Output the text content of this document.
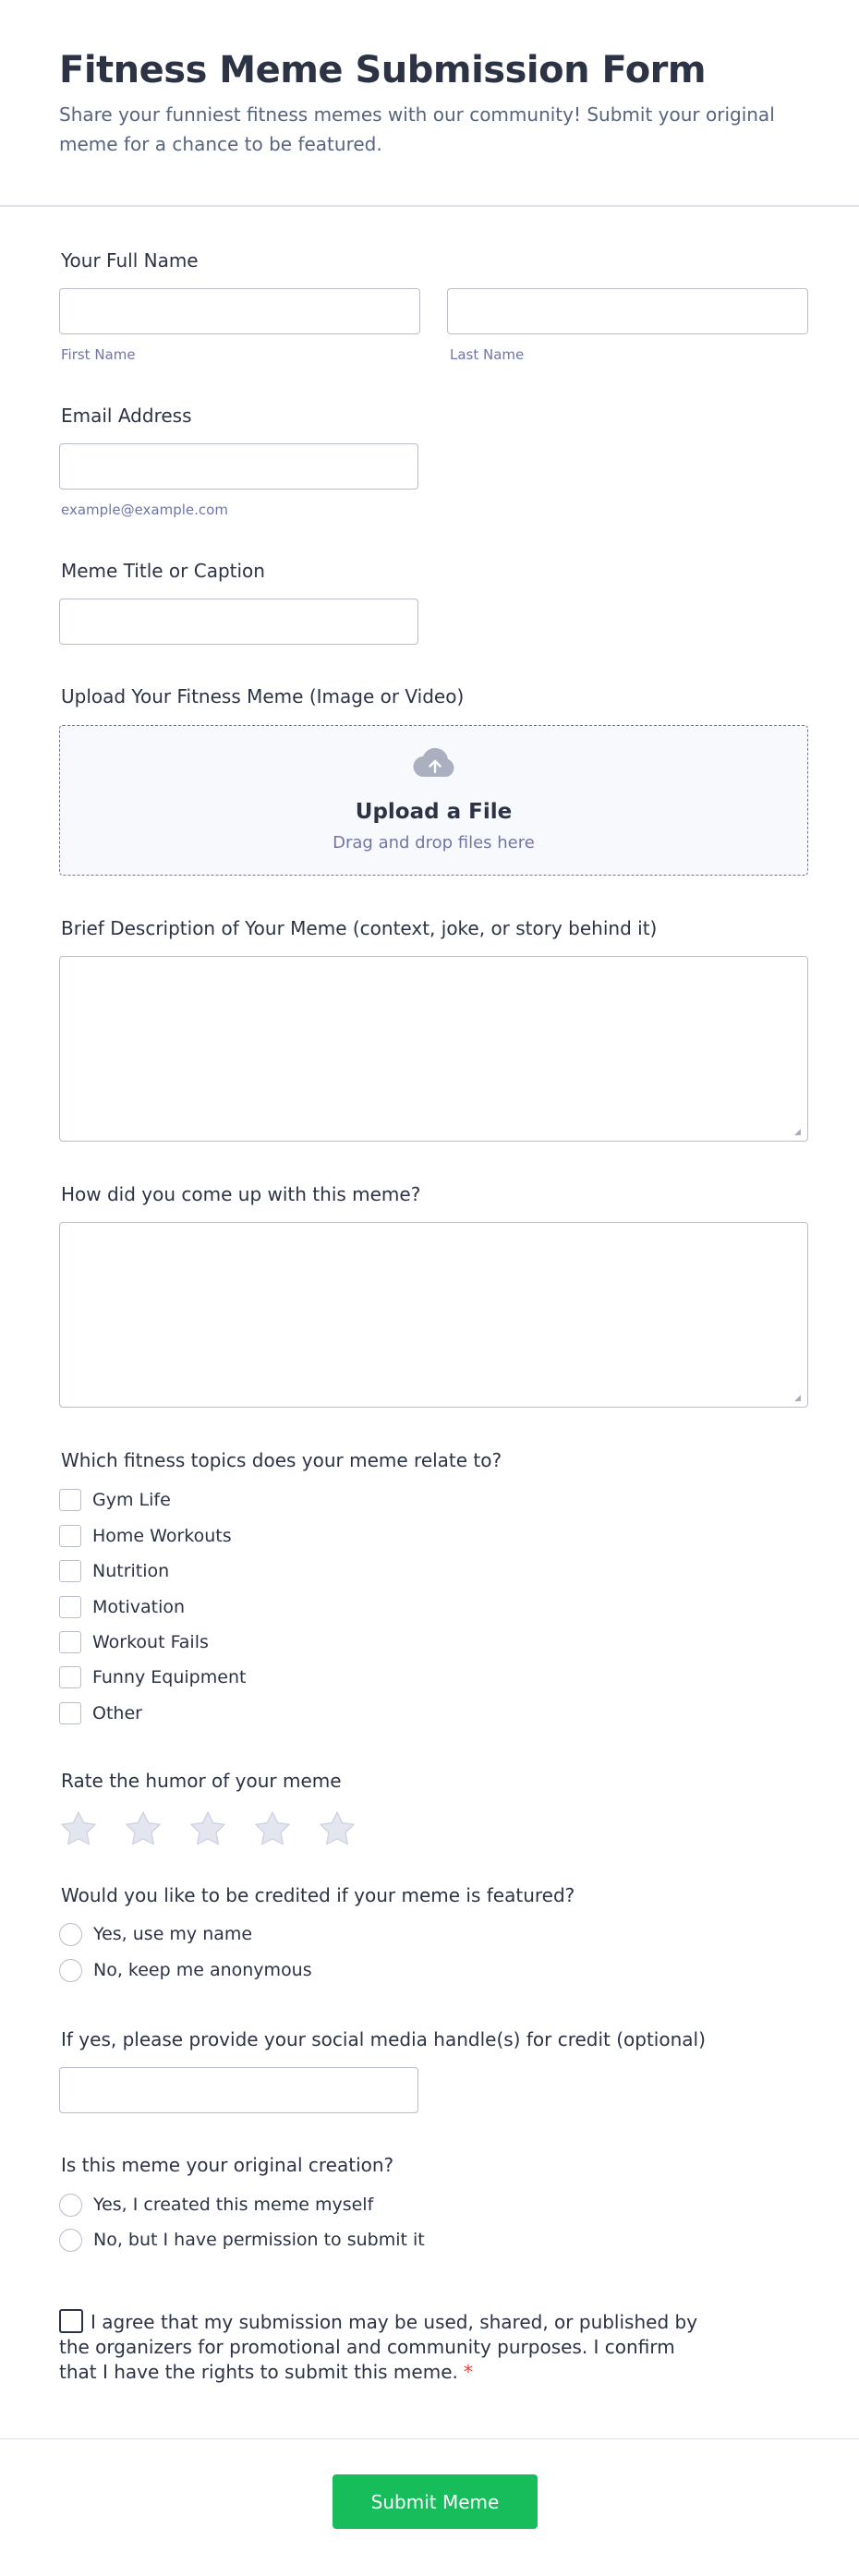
Fitness Meme Submission Form

Share your funniest fitness memes with our community! Submit your original meme for a chance to be featured.

Your Full Name
First Name	Last Name
Email Address
example@example.com
Meme Title or Caption
Upload Your Fitness Meme (Image or Video)
Upload a File
Drag and drop files here
Brief Description of Your Meme (context, joke, or story behind it)
◢
How did you come up with this meme?
◢
Which fitness topics does your meme relate to?
Gym Life
Home Workouts
Nutrition
Motivation
Workout Fails
Funny Equipment
Other
Rate the humor of your meme
Would you like to be credited if your meme is featured?
Yes, use my name
No, keep me anonymous
If yes, please provide your social media handle(s) for credit (optional)
Is this meme your original creation?
Yes, I created this meme myself
No, but I have permission to submit it
I agree that my submission may be used, shared, or published by the organizers for promotional and community purposes. I confirm that I have the rights to submit this meme. *
Submit Meme
